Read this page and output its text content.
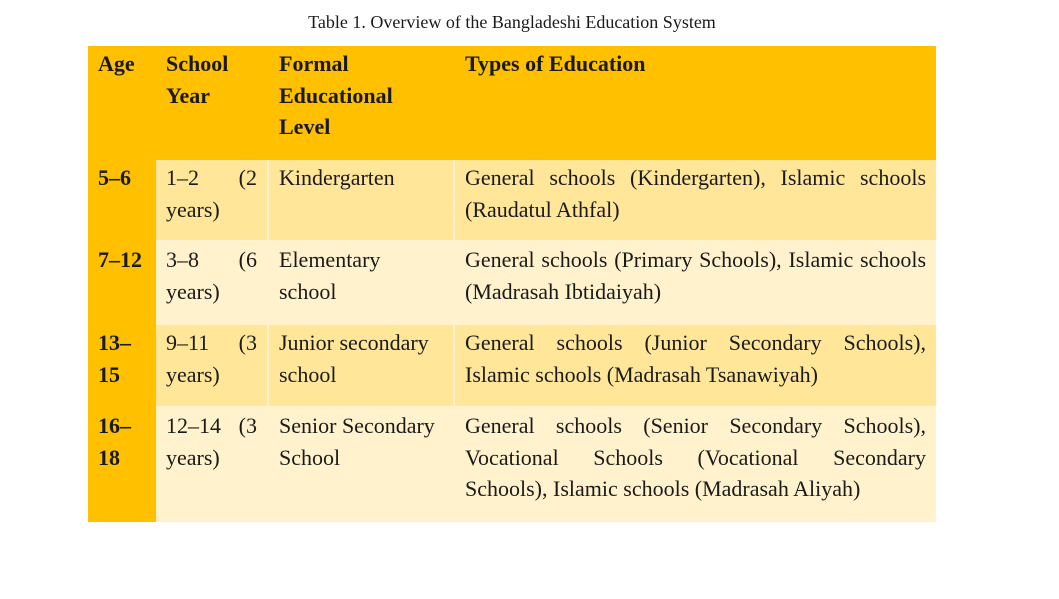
Table 1. Overview of the Bangladeshi Education System
Age	School Year	Formal Educational Level	Types of Education
5–6	1–2 (2 years)	Kindergarten	General schools (Kindergarten), Islamic schools (Raudatul Athfal)
7–12	3–8 (6 years)	Elementary school	General schools (Primary Schools), Islamic schools (Madrasah Ibtidaiyah)
13–15	9–11 (3 years)	Junior secondary school	General schools (Junior Secondary Schools), Islamic schools (Madrasah Tsanawiyah)
16–18	12–14 (3 years)	Senior Secondary School	General schools (Senior Secondary Schools), Vocational Schools (Vocational Secondary Schools), Islamic schools (Madrasah Aliyah)
